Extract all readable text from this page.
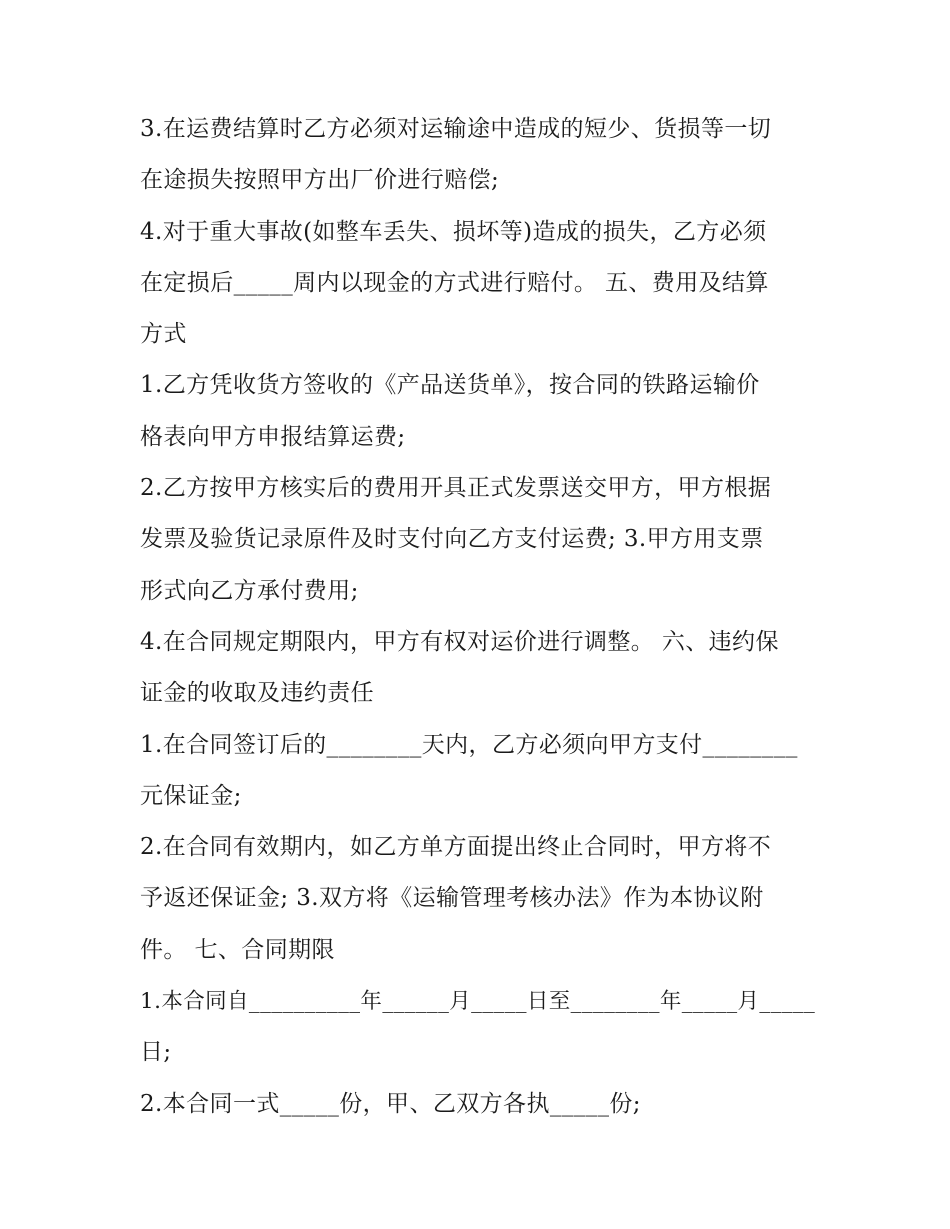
3.在运费结算时乙方必须对运输途中造成的短少、货损等一切
在途损失按照甲方出厂价进行赔偿;
4.对于重大事故(如整车丢失、损坏等)造成的损失，乙方必须
在定损后_____周内以现金的方式进行赔付。 五、费用及结算
方式
1.乙方凭收货方签收的《产品送货单》，按合同的铁路运输价
格表向甲方申报结算运费;
2.乙方按甲方核实后的费用开具正式发票送交甲方，甲方根据
发票及验货记录原件及时支付向乙方支付运费; 3.甲方用支票
形式向乙方承付费用;
4.在合同规定期限内，甲方有权对运价进行调整。 六、违约保
证金的收取及违约责任
1.在合同签订后的________天内，乙方必须向甲方支付________
元保证金;
2.在合同有效期内，如乙方单方面提出终止合同时，甲方将不
予返还保证金; 3.双方将《运输管理考核办法》作为本协议附
件。 七、合同期限
1.本合同自__________年______月_____日至________年_____月_____
日;
2.本合同一式_____份，甲、乙双方各执_____份;
